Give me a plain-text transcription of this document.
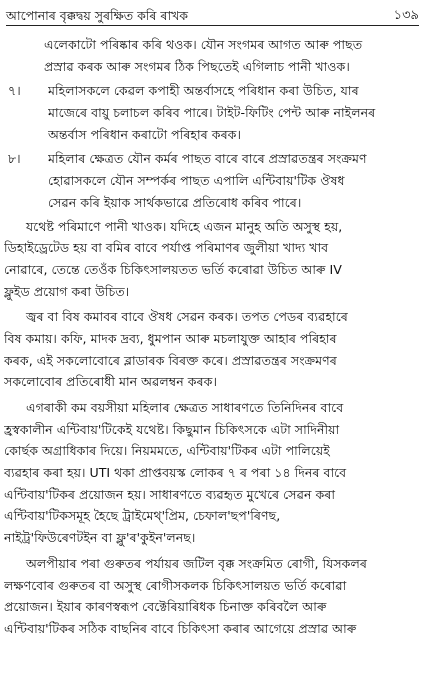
আপোনাৰ বৃক্কদ্বয় সুৰক্ষিত কৰি ৰাখক	১৩৯
এলেকাটো পৰিষ্কাৰ কৰি থওক। যৌন সংগমৰ আগত আৰু পাছত
প্ৰস্ৰাৱ কৰক আৰু সংগমৰ ঠিক পিছতেই এগিলাচ পানী খাওক।
৭।	মহিলাসকলে কেৱল কপাহী অন্তৰ্বাসহে পৰিধান কৰা উচিত, যাৰ
মাজেৰে বায়ু চলাচল কৰিব পাৰে। টাইট-ফিটিং পেন্ট আৰু নাইলনৰ
অন্তৰ্বাস পৰিধান কৰাটো পৰিহাৰ কৰক।
৮।	মহিলাৰ ক্ষেত্ৰত যৌন কৰ্মৰ পাছত বাৰে বাৰে প্ৰস্ৰাৱতন্ত্ৰৰ সংক্ৰমণ
হোৱাসকলে যৌন সম্পৰ্কৰ পাছত এপালি এন্টিবায়'টিক ঔষধ
সেৱন কৰি ইয়াক সাৰ্থকভাৱে প্ৰতিৰোধ কৰিব পাৰে।
যথেষ্ট পৰিমাণে পানী খাওক। যদিহে এজন মানুহ অতি অসুস্থ হয়,
ডিহাইড্ৰেটেড হয় বা বমিৰ বাবে পৰ্যাপ্ত পৰিমাণৰ জুলীয়া খাদ্য খাব
নোৱাৰে, তেন্তে তেওঁক চিকিৎসালয়তত ভৰ্তি কৰোৱা উচিত আৰু IV
ফ্লুইড প্ৰয়োগ কৰা উচিত।
জ্বৰ বা বিষ কমাবৰ বাবে ঔষধ সেৱন কৰক। তপত পেডৰ ব্যৱহাৰে
বিষ কমায়। কফি, মাদক দ্ৰব্য, ধুমপান আৰু মচলাযুক্ত আহাৰ পৰিহাৰ
কৰক, এই সকলোবোৰে ব্লাডাৰক বিৰক্ত কৰে। প্ৰস্ৰাৱতন্ত্ৰৰ সংক্ৰমণৰ
সকলোবোৰ প্ৰতিৰোধী মান অৱলম্বন কৰক।
এগৰাকী কম বয়সীয়া মহিলাৰ ক্ষেত্ৰত সাধাৰণতে তিনিদিনৰ বাবে
হ্ৰস্বকালীন এন্টিবায়'টিকেই যথেষ্ট। কিছুমান চিকিৎসকে এটা সাদিনীয়া
কোৰ্ছক অগ্ৰাধিকাৰ দিয়ে। নিয়মমতে, এন্টিবায়'টিকৰ এটা পালিয়েই
ব্যৱহাৰ কৰা হয়। UTI থকা প্ৰাপ্তবয়স্ক লোকৰ ৭ ৰ পৰা ১৪ দিনৰ বাবে
এন্টিবায়'টিকৰ প্ৰয়োজন হয়। সাধাৰণতে ব্যৱহৃত মুখেৰে সেৱন কৰা
এন্টিবায়'টিকসমূহ হৈছে ট্ৰাইমেথ্'প্ৰিম, চেফাল'ছপ'ৰিণছ,
নাইট্ৰ'ফিউৰেণটইন বা ফ্লু'ৰ'কুইন'লনছ।
অলপীয়াৰ পৰা গুৰুতৰ পৰ্যায়ৰ জটিল বৃক্ক সংক্ৰমিত ৰোগী, যিসকলৰ
লক্ষণবোৰ গুৰুতৰ বা অসুস্থ ৰোগীসকলক চিকিৎসালয়ত ভৰ্তি কৰোৱা
প্ৰয়োজন। ইয়াৰ কাৰণস্বৰূপ বেক্টেৰিয়াৰিধক চিনাক্ত কৰিবলৈ আৰু
এন্টিবায়'টিকৰ সঠিক বাছনিৰ বাবে চিকিৎসা কৰাৰ আগেয়ে প্ৰস্ৰাৱ আৰু
